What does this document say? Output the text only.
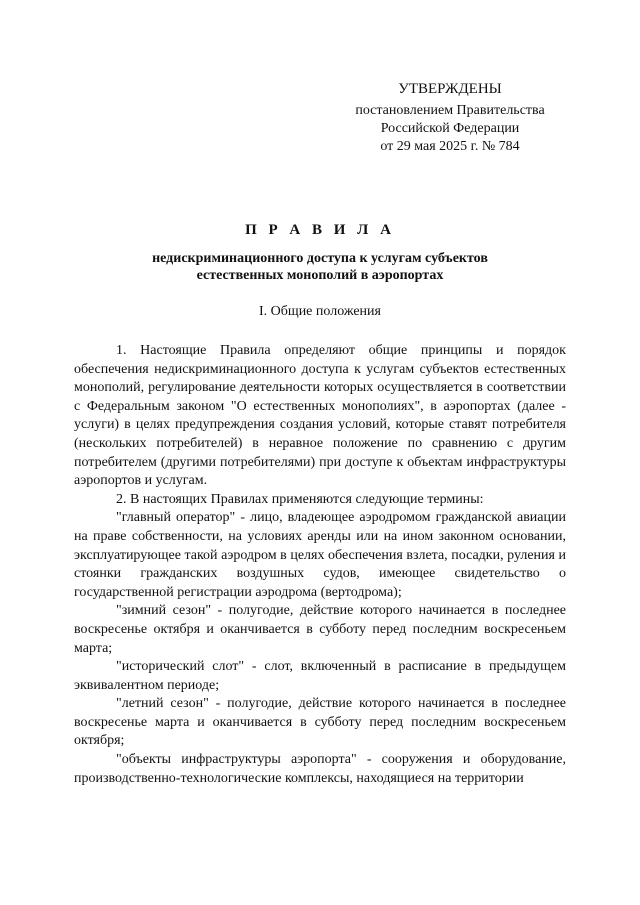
УТВЕРЖДЕНЫ
постановлением Правительства
Российской Федерации
от 29 мая 2025 г. № 784
П Р А В И Л А
недискриминационного доступа к услугам субъектов
естественных монополий в аэропортах
I. Общие положения

1. Настоящие Правила определяют общие принципы и порядок обеспечения недискриминационного доступа к услугам субъектов естественных монополий, регулирование деятельности которых осуществляется в соответствии с Федеральным законом "О естественных монополиях", в аэропортах (далее - услуги) в целях предупреждения создания условий, которые ставят потребителя (нескольких потребителей) в неравное положение по сравнению с другим потребителем (другими потребителями) при доступе к объектам инфраструктуры аэропортов и услугам.

2. В настоящих Правилах применяются следующие термины:

"главный оператор" - лицо, владеющее аэродромом гражданской авиации на праве собственности, на условиях аренды или на ином законном основании, эксплуатирующее такой аэродром в целях обеспечения взлета, посадки, руления и стоянки гражданских воздушных судов, имеющее свидетельство о государственной регистрации аэродрома (вертодрома);

"зимний сезон" - полугодие, действие которого начинается в последнее воскресенье октября и оканчивается в субботу перед последним воскресеньем марта;

"исторический слот" - слот, включенный в расписание в предыдущем эквивалентном периоде;

"летний сезон" - полугодие, действие которого начинается в последнее воскресенье марта и оканчивается в субботу перед последним воскресеньем октября;

"объекты инфраструктуры аэропорта" - сооружения и оборудование, производственно-технологические комплексы, находящиеся на территории
